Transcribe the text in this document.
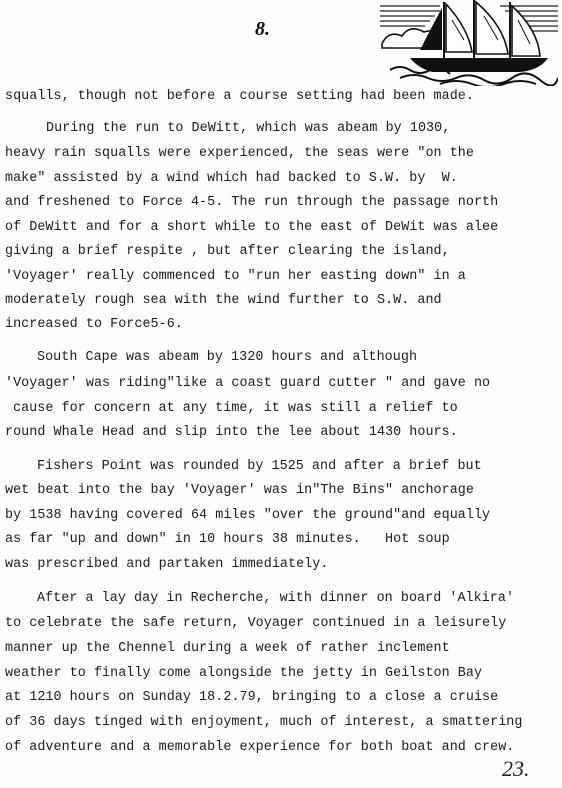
8.
squalls, though not before a course setting had been made.
During the run to DeWitt, which was abeam by 1030,
heavy rain squalls were experienced, the seas were "on the
make" assisted by a wind which had backed to S.W. by  W.
and freshened to Force 4-5. The run through the passage north
of DeWitt and for a short while to the east of DeWit was alee
giving a brief respite , but after clearing the island,
'Voyager' really commenced to "run her easting down" in a
moderately rough sea with the wind further to S.W. and
increased to Force5-6.
South Cape was abeam by 1320 hours and although
'Voyager' was riding"like a coast guard cutter " and gave no
cause for concern at any time, it was still a relief to
round Whale Head and slip into the lee about 1430 hours.
Fishers Point was rounded by 1525 and after a brief but
wet beat into the bay 'Voyager' was in"The Bins" anchorage
by 1538 having covered 64 miles "over the ground"and equally
as far "up and down" in 10 hours 38 minutes.   Hot soup
was prescribed and partaken immediately.
After a lay day in Recherche, with dinner on board 'Alkira'
to celebrate the safe return, Voyager continued in a leisurely
manner up the Chennel during a week of rather inclement
weather to finally come alongside the jetty in Geilston Bay
at 1210 hours on Sunday 18.2.79, bringing to a close a cruise
of 36 days tinged with enjoyment, much of interest, a smattering
of adventure and a memorable experience for both boat and crew.
23.
